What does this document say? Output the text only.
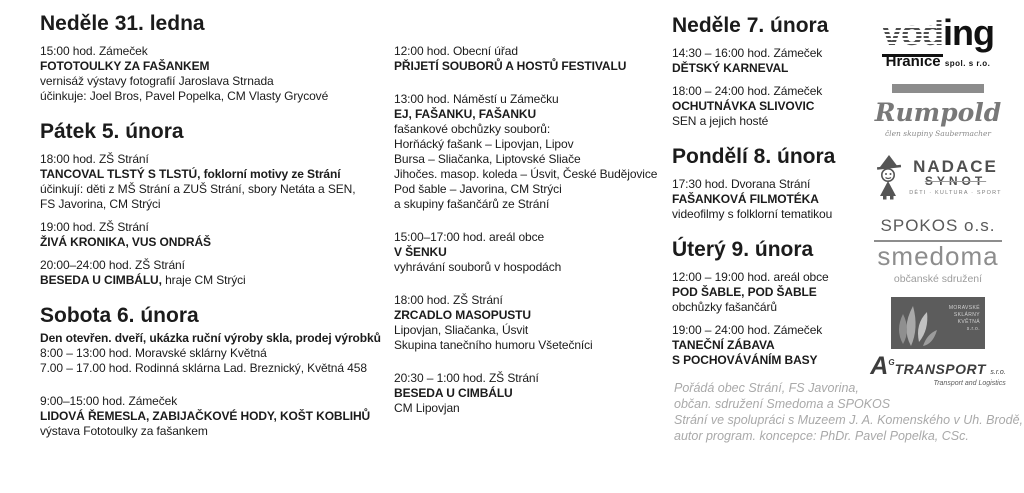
Neděle 31. ledna
15:00 hod. Zámeček
FOTOTOULKY ZA FAŠANKEM
vernisáž výstavy fotografií Jaroslava Strnada
účinkuje: Joel Bros, Pavel Popelka, CM Vlasty Grycové
Pátek 5. února
18:00 hod. ZŠ Strání
TANCOVAL TLSTÝ S TLSTÚ, foklorní motivy ze Strání
účinkují: děti z MŠ Strání a ZUŠ Strání, sbory Netáta a SEN,
FS Javorina, CM Strýci
19:00 hod. ZŠ Strání
ŽIVÁ KRONIKA, VUS ONDRÁŠ
20:00–24:00 hod. ZŠ Strání
BESEDA U CIMBÁLU, hraje CM Strýci
Sobota 6. února
Den otevřen. dveří, ukázka ruční výroby skla, prodej výrobků
8:00 – 13:00 hod. Moravské sklárny Květná
7.00 – 17.00 hod. Rodinná sklárna Lad. Breznický, Květná 458
9:00–15:00 hod. Zámeček
LIDOVÁ ŘEMESLA, ZABIJAČKOVÉ HODY, KOŠT KOBLIHŮ
výstava Fototoulky za fašankem
12:00 hod. Obecní úřad
PŘIJETÍ SOUBORŮ A HOSTŮ FESTIVALU
13:00 hod. Náměstí u Zámečku
EJ, FAŠANKU, FAŠANKU
fašankové obchůzky souborů:
Horňácký fašank – Lipovjan, Lipov
Bursa – Sliačanka, Liptovské Sliače
Jihočes. masop. koleda – Úsvit, České Budějovice
Pod šable – Javorina, CM Strýci
a skupiny fašančárů ze Strání
15:00–17:00 hod. areál obce
V ŠENKU
vyhrávání souborů v hospodách
18:00 hod. ZŠ Strání
ZRCADLO MASOPUSTU
Lipovjan, Sliačanka, Úsvit
Skupina tanečního humoru Všetečníci
20:30 – 1:00 hod. ZŠ Strání
BESEDA U CIMBÁLU
CM Lipovjan
Neděle 7. února
14:30 – 16:00 hod. Zámeček
DĚTSKÝ KARNEVAL
18:00 – 24:00 hod. Zámeček
OCHUTNÁVKA SLIVOVIC
SEN a jejich hosté
Pondělí 8. února
17:30 hod. Dvorana Strání
FAŠANKOVÁ FILMOTÉKA
videofilmy s folklorní tematikou
Úterý 9. února
12:00 – 19:00 hod. areál obce
POD ŠABLE, POD ŠABLE
obchůzky fašančárů
19:00 – 24:00 hod. Zámeček
TANEČNÍ ZÁBAVA
S POCHOVÁVÁNÍM BASY
Pořádá obec Strání, FS Javorina,
občan. sdružení Smedoma a SPOKOS
Strání ve spolupráci s Muzeem J. A. Komenského v Uh. Brodě,
autor program. koncepce: PhDr. Pavel Popelka, CSc.
voding
Hranice spol. s r.o.
Rumpold
člen skupiny Saubermacher
NADACE
SYNOT
DĚTI · KULTURA · SPORT
SPOKOS o.s.
smedoma
občanské sdružení
MORAVSKÉ
SKLÁRNY
KVĚTNÁ
s.r.o.
$A^GTRANSPORT$ s.r.o.
Transport and Logistics
